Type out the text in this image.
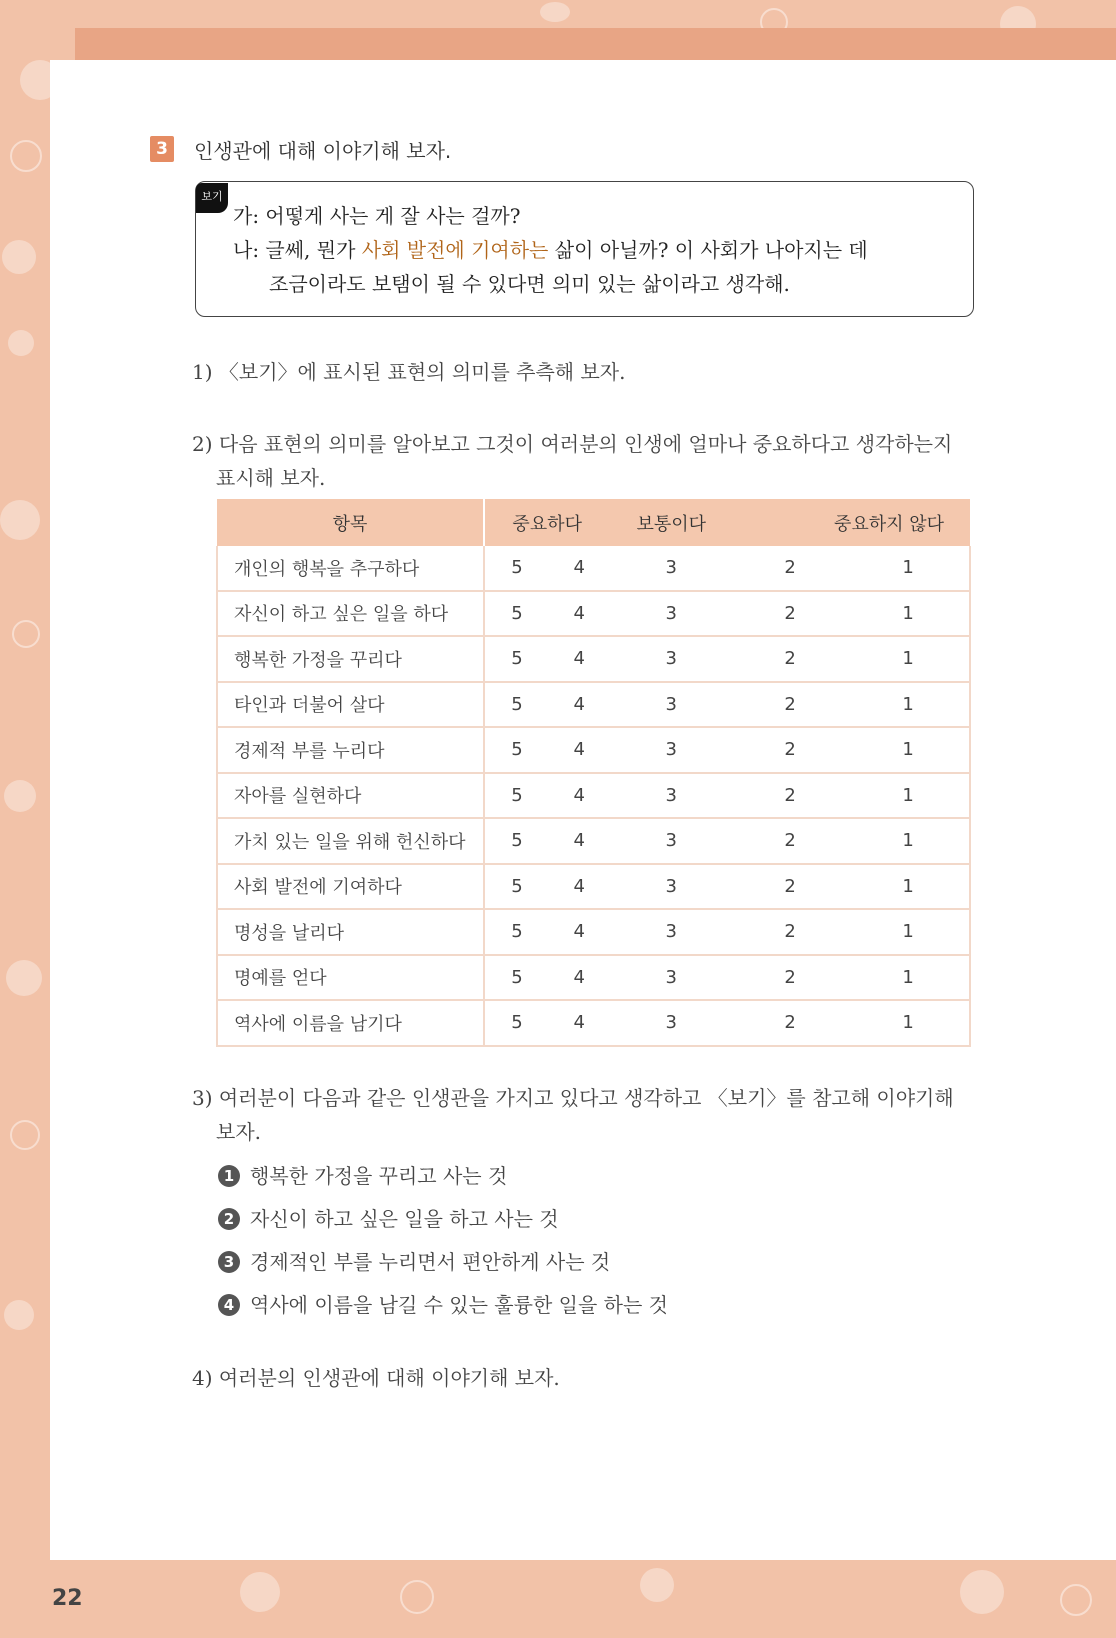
22
3	인생관에 대해 이야기해 보자.
보기
가: 어떻게 사는 게 잘 사는 걸까?
나: 글쎄, 뭔가 사회 발전에 기여하는 삶이 아닐까? 이 사회가 나아지는 데
조금이라도 보탬이 될 수 있다면 의미 있는 삶이라고 생각해.
1) 〈보기〉에 표시된 표현의 의미를 추측해 보자.
2) 다음 표현의 의미를 알아보고 그것이 여러분의 인생에 얼마나 중요하다고 생각하는지
표시해 보자.
항목	중요하다		보통이다	중요하지 않다	
개인의 행복을 추구하다	5	4	3	2	1
자신이 하고 싶은 일을 하다	5	4	3	2	1
행복한 가정을 꾸리다	5	4	3	2	1
타인과 더불어 살다	5	4	3	2	1
경제적 부를 누리다	5	4	3	2	1
자아를 실현하다	5	4	3	2	1
가치 있는 일을 위해 헌신하다	5	4	3	2	1
사회 발전에 기여하다	5	4	3	2	1
명성을 날리다	5	4	3	2	1
명예를 얻다	5	4	3	2	1
역사에 이름을 남기다	5	4	3	2	1
3) 여러분이 다음과 같은 인생관을 가지고 있다고 생각하고 〈보기〉를 참고해 이야기해
보자.
1 행복한 가정을 꾸리고 사는 것
2 자신이 하고 싶은 일을 하고 사는 것
3 경제적인 부를 누리면서 편안하게 사는 것
4 역사에 이름을 남길 수 있는 훌륭한 일을 하는 것
4) 여러분의 인생관에 대해 이야기해 보자.
